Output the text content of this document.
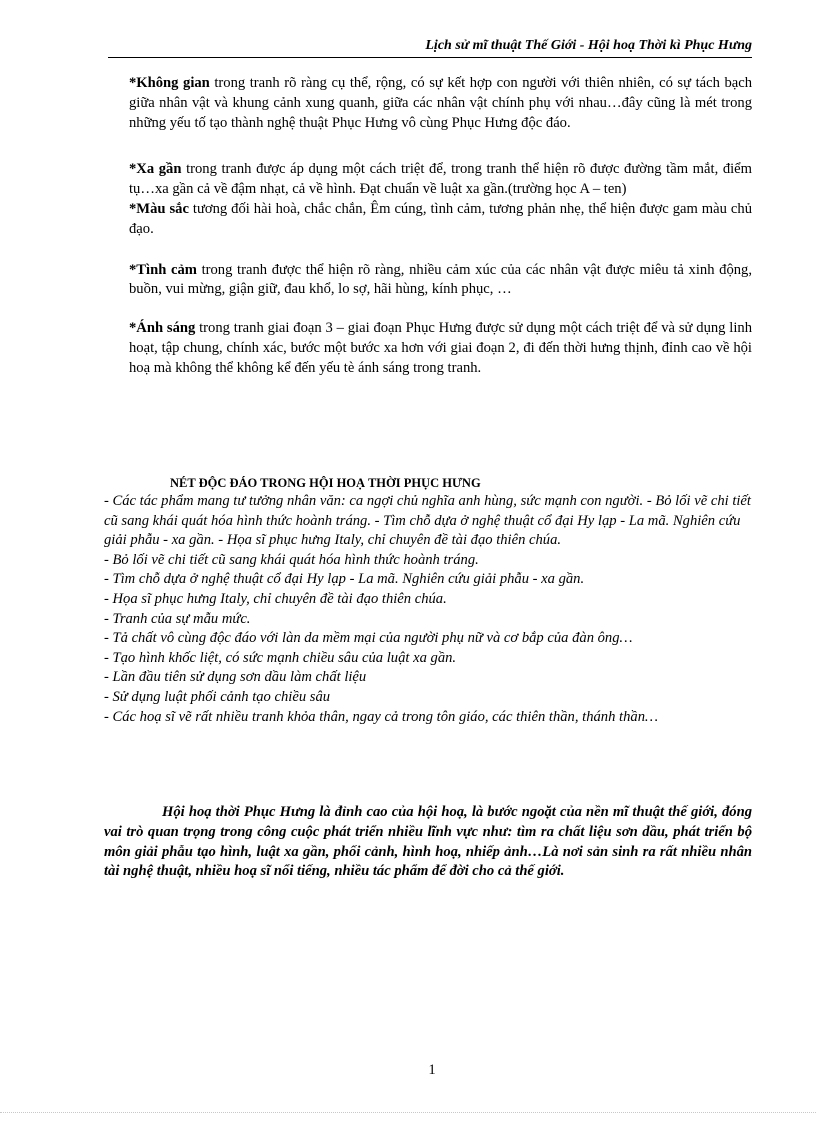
Lịch sử mĩ thuật Thế Giới - Hội hoạ Thời kì Phục Hưng

*Không gian trong tranh rõ ràng cụ thể, rộng, có sự kết hợp con người với thiên nhiên, có sự tách bạch giữa nhân vật và khung cảnh xung quanh, giữa các nhân vật chính phụ với nhau…đây cũng là mét trong những yếu tố tạo thành nghệ thuật Phục Hưng vô cùng Phục Hưng độc đáo.

*Xa gần trong tranh được áp dụng một cách triệt để, trong tranh thể hiện rõ được đường tầm mắt, điểm tụ…xa gần cả về đậm nhạt, cả về hình. Đạt chuẩn về luật xa gần.(trường học A – ten)

*Màu sắc tương đối hài hoà, chắc chắn, Êm cúng, tình cảm, tương phản nhẹ, thể hiện được gam màu chủ đạo.

*Tình cảm trong tranh được thể hiện rõ ràng, nhiều cảm xúc của các nhân vật được miêu tả xinh động, buồn, vui mừng, giận giữ, đau khổ, lo sợ, hãi hùng, kính phục, …

*Ánh sáng trong tranh giai đoạn 3 – giai đoạn Phục Hưng được sử dụng một cách triệt để và sử dụng linh hoạt, tập chung, chính xác, bước một bước xa hơn với giai đoạn 2, đi đến thời hưng thịnh, đỉnh cao về hội hoạ mà không thể không kể đến yếu tè ánh sáng trong tranh.

NÉT ĐỘC ĐÁO TRONG HỘI HOẠ THỜI PHỤC HƯNG

- Các tác phẩm mang tư tưởng nhân văn: ca ngợi chủ nghĩa anh hùng, sức mạnh con người. - Bỏ lối vẽ chi tiết cũ sang khái quát hóa hình thức hoành tráng. - Tìm chỗ dựa ở nghệ thuật cổ đại Hy lạp - La mã. Nghiên cứu giải phẫu - xa gần. - Họa sĩ phục hưng Italy, chỉ chuyên đề tài đạo thiên chúa.
- Bỏ lối vẽ chi tiết cũ sang khái quát hóa hình thức hoành tráng.
- Tìm chỗ dựa ở nghệ thuật cổ đại Hy lạp - La mã. Nghiên cứu giải phẫu - xa gần.
- Họa sĩ phục hưng Italy, chỉ chuyên đề tài đạo thiên chúa.
- Tranh của sự mẫu mức.
- Tả chất vô cùng độc đáo với làn da mềm mại của người phụ nữ và cơ bắp của đàn ông…
- Tạo hình khốc liệt, có sức mạnh chiều sâu của luật xa gần.
- Lần đầu tiên sử dụng sơn dầu làm chất liệu
- Sử dụng luật phối cảnh tạo chiều sâu
- Các hoạ sĩ vẽ rất nhiều tranh khỏa thân, ngay cả trong tôn giáo, các thiên thần, thánh thần…

Hội hoạ thời Phục Hưng là đỉnh cao của hội hoạ, là bước ngoặt của nền mĩ thuật thế giới, đóng vai trò quan trọng trong công cuộc phát triển nhiều lĩnh vực như: tìm ra chất liệu sơn dầu, phát triển bộ môn giải phẫu tạo hình, luật xa gần, phối cảnh, hình hoạ, nhiếp ảnh…Là nơi sản sinh ra rất nhiều nhân tài nghệ thuật, nhiều hoạ sĩ nổi tiếng, nhiều tác phẩm để đời cho cả thế giới.

1
